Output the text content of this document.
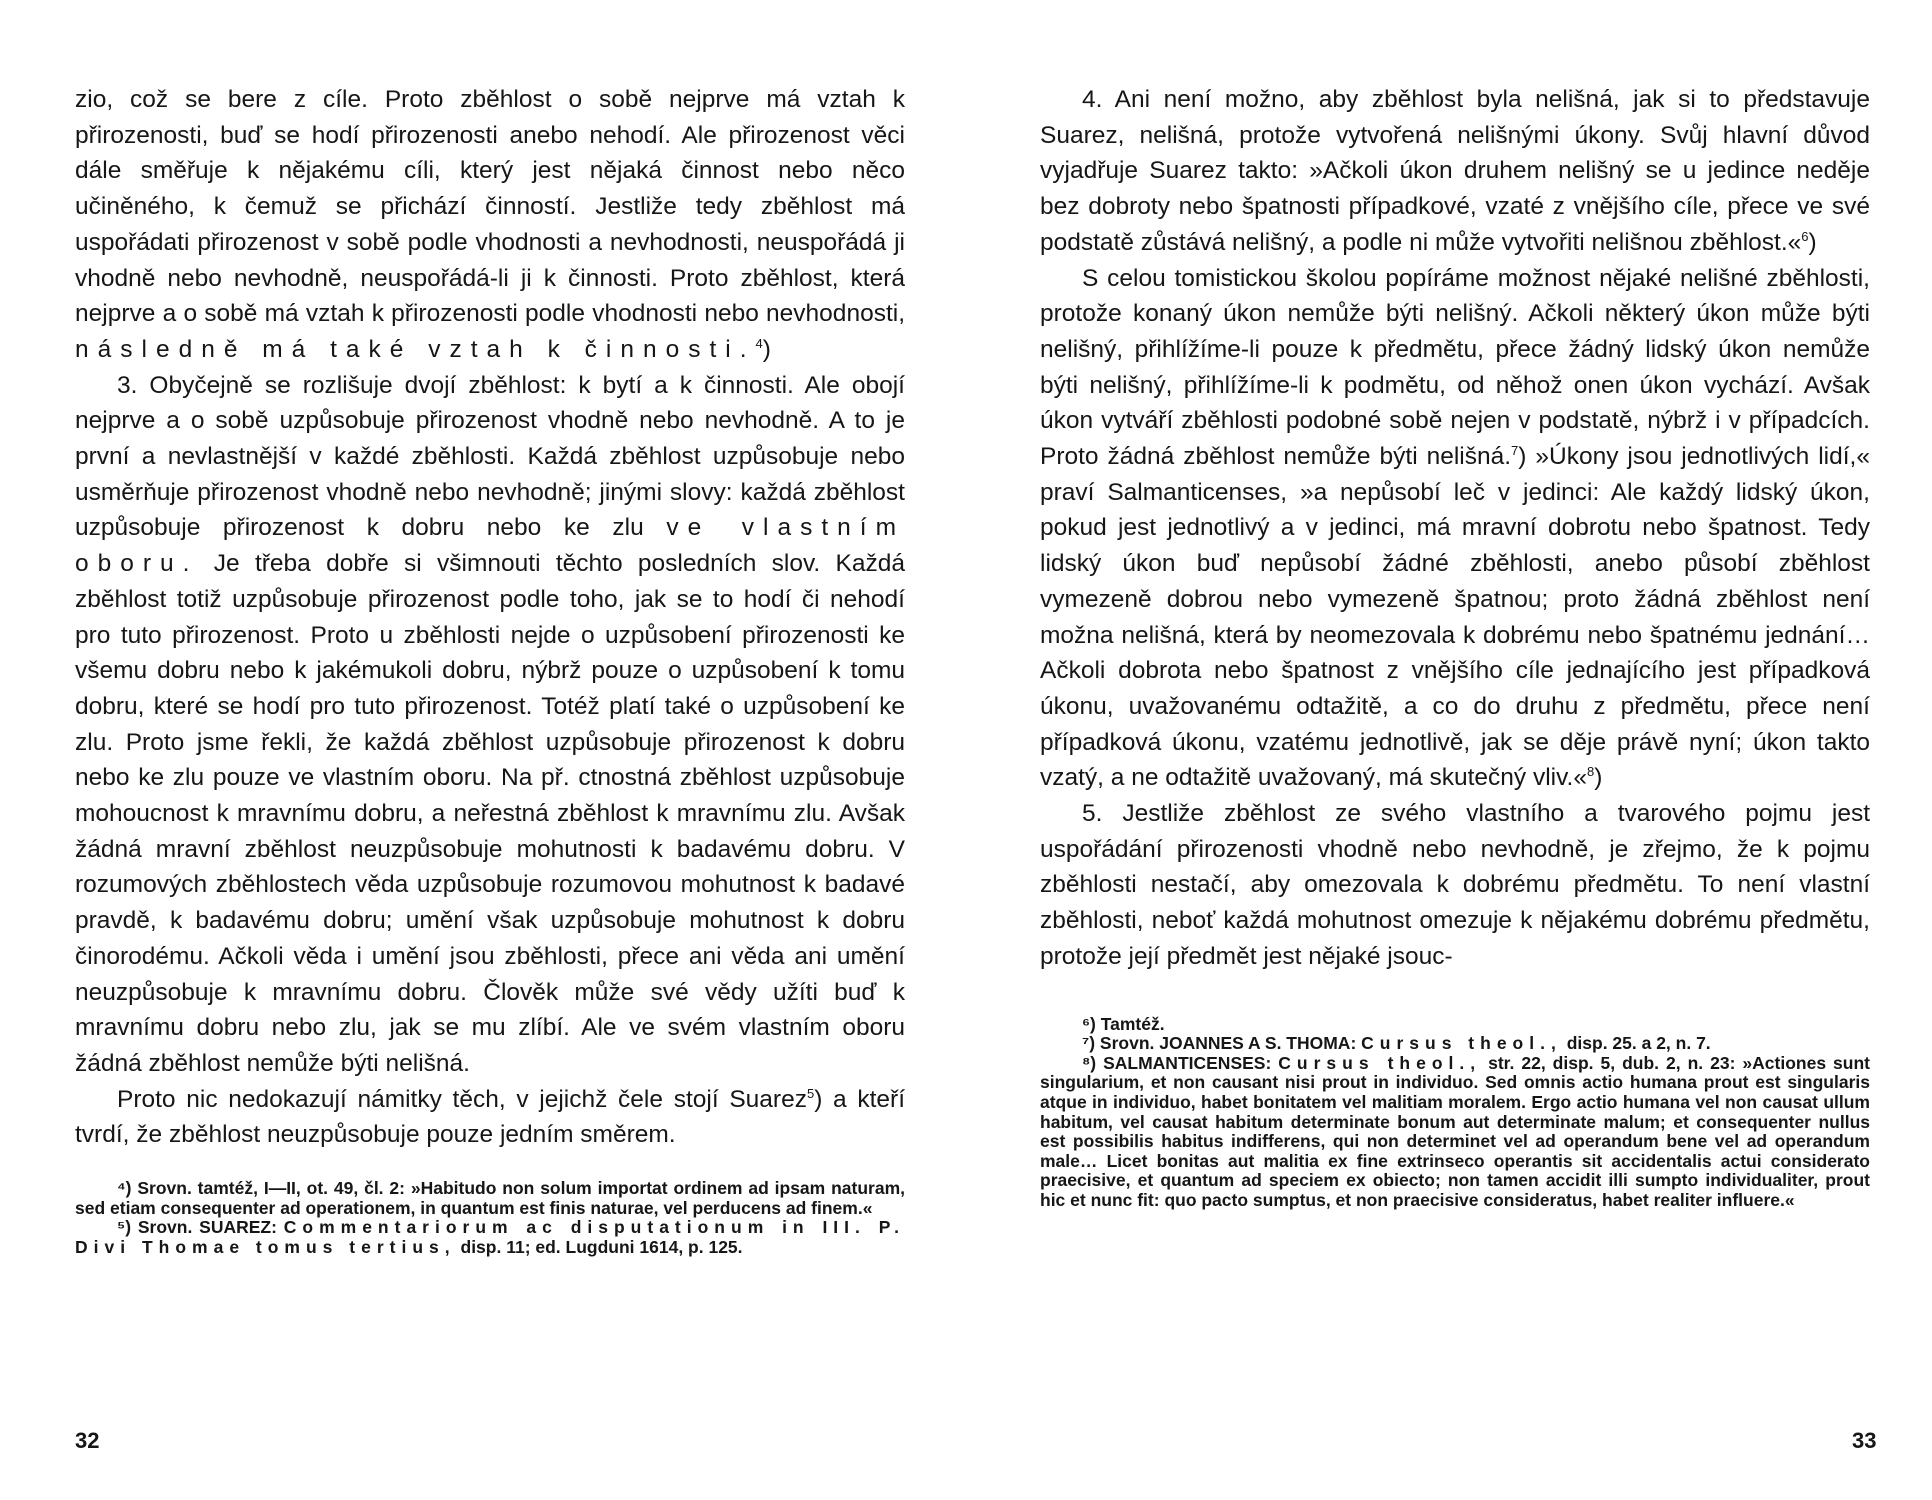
zio, což se bere z cíle. Proto zběhlost o sobě nejprve má vztah k přirozenosti, buď se hodí přirozenosti anebo nehodí. Ale přirozenost věci dále směřuje k nějakému cíli, který jest nějaká činnost nebo něco učiněného, k čemuž se přichází činností. Jestliže tedy zběhlost má uspořádati přirozenost v sobě podle vhodnosti a nevhodnosti, neuspořádá ji vhodně nebo nevhodně, neuspořádá-li ji k činnosti. Proto zběhlost, která nejprve a o sobě má vztah k přirozenosti podle vhodnosti nebo nevhodnosti, následně má také vztah k činnosti.$^4$)

3. Obyčejně se rozlišuje dvojí zběhlost: k bytí a k činnosti. Ale obojí nejprve a o sobě uzpůsobuje přirozenost vhodně nebo nevhodně. A to je první a nevlastnější v každé zběhlosti. Každá zběhlost uzpůsobuje nebo usměrňuje přirozenost vhodně nebo nevhodně; jinými slovy: každá zběhlost uzpůsobuje přirozenost k dobru nebo ke zlu ve vlastním oboru. Je třeba dobře si všimnouti těchto posledních slov. Každá zběhlost totiž uzpůsobuje přirozenost podle toho, jak se to hodí či nehodí pro tuto přirozenost. Proto u zběhlosti nejde o uzpůsobení přirozenosti ke všemu dobru nebo k jakémukoli dobru, nýbrž pouze o uzpůsobení k tomu dobru, které se hodí pro tuto přirozenost. Totéž platí také o uzpůsobení ke zlu. Proto jsme řekli, že každá zběhlost uzpůsobuje přirozenost k dobru nebo ke zlu pouze ve vlastním oboru. Na př. ctnostná zběhlost uzpůsobuje mohoucnost k mravnímu dobru, a neřestná zběhlost k mravnímu zlu. Avšak žádná mravní zběhlost neuzpůsobuje mohutnosti k badavému dobru. V rozumových zběhlostech věda uzpůsobuje rozumovou mohutnost k badavé pravdě, k badavému dobru; umění však uzpůsobuje mohutnost k dobru činorodému. Ačkoli věda i umění jsou zběhlosti, přece ani věda ani umění neuzpůsobuje k mravnímu dobru. Člověk může své vědy užíti buď k mravnímu dobru nebo zlu, jak se mu zlíbí. Ale ve svém vlastním oboru žádná zběhlost nemůže býti nelišná.

Proto nic nedokazují námitky těch, v jejichž čele stojí Suarez$^5$) a kteří tvrdí, že zběhlost neuzpůsobuje pouze jedním směrem.

⁴) Srovn. tamtéž, I—II, ot. 49, čl. 2: »Habitudo non solum importat ordinem ad ipsam naturam, sed etiam consequenter ad operationem, in quantum est finis naturae, vel perducens ad finem.«

⁵) Srovn. SUAREZ: Commentariorum ac disputationum in III. P. Divi Thomae tomus tertius, disp. 11; ed. Lugduni 1614, p. 125.

4. Ani není možno, aby zběhlost byla nelišná, jak si to představuje Suarez, nelišná, protože vytvořená nelišnými úkony. Svůj hlavní důvod vyjadřuje Suarez takto: »Ačkoli úkon druhem nelišný se u jedince neděje bez dobroty nebo špatnosti případkové, vzaté z vnějšího cíle, přece ve své podstatě zůstává nelišný, a podle ni může vytvořiti nelišnou zběhlost.«$^6$)

S celou tomistickou školou popíráme možnost nějaké nelišné zběhlosti, protože konaný úkon nemůže býti nelišný. Ačkoli některý úkon může býti nelišný, přihlížíme-li pouze k předmětu, přece žádný lidský úkon nemůže býti nelišný, přihlížíme-li k podmětu, od něhož onen úkon vychází. Avšak úkon vytváří zběhlosti podobné sobě nejen v podstatě, nýbrž i v případcích. Proto žádná zběhlost nemůže býti nelišná.$^7$) »Úkony jsou jednotlivých lidí,« praví Salmanticenses, »a nepůsobí leč v jedinci: Ale každý lidský úkon, pokud jest jednotlivý a v jedinci, má mravní dobrotu nebo špatnost. Tedy lidský úkon buď nepůsobí žádné zběhlosti, anebo působí zběhlost vymezeně dobrou nebo vymezeně špatnou; proto žádná zběhlost není možna nelišná, která by neomezovala k dobrému nebo špatnému jednání… Ačkoli dobrota nebo špatnost z vnějšího cíle jednajícího jest případková úkonu, uvažovanému odtažitě, a co do druhu z předmětu, přece není případková úkonu, vzatému jednotlivě, jak se děje právě nyní; úkon takto vzatý, a ne odtažitě uvažovaný, má skutečný vliv.«$^8$)

5. Jestliže zběhlost ze svého vlastního a tvarového pojmu jest uspořádání přirozenosti vhodně nebo nevhodně, je zřejmo, že k pojmu zběhlosti nestačí, aby omezovala k dobrému předmětu. To není vlastní zběhlosti, neboť každá mohutnost omezuje k nějakému dobrému předmětu, protože její předmět jest nějaké jsouc-

⁶) Tamtéž.

⁷) Srovn. JOANNES A S. THOMA: Cursus theol., disp. 25. a 2, n. 7.

⁸) SALMANTICENSES: Cursus theol., str. 22, disp. 5, dub. 2, n. 23: »Actiones sunt singularium, et non causant nisi prout in individuo. Sed omnis actio humana prout est singularis atque in individuo, habet bonitatem vel malitiam moralem. Ergo actio humana vel non causat ullum habitum, vel causat habitum determinate bonum aut determinate malum; et consequenter nullus est possibilis habitus indifferens, qui non determinet vel ad operandum bene vel ad operandum male… Licet bonitas aut malitia ex fine extrinseco operantis sit accidentalis actui considerato praecisive, et quantum ad speciem ex obiecto; non tamen accidit illi sumpto individualiter, prout hic et nunc fit: quo pacto sumptus, et non praecisive consideratus, habet realiter influere.«

32	33
